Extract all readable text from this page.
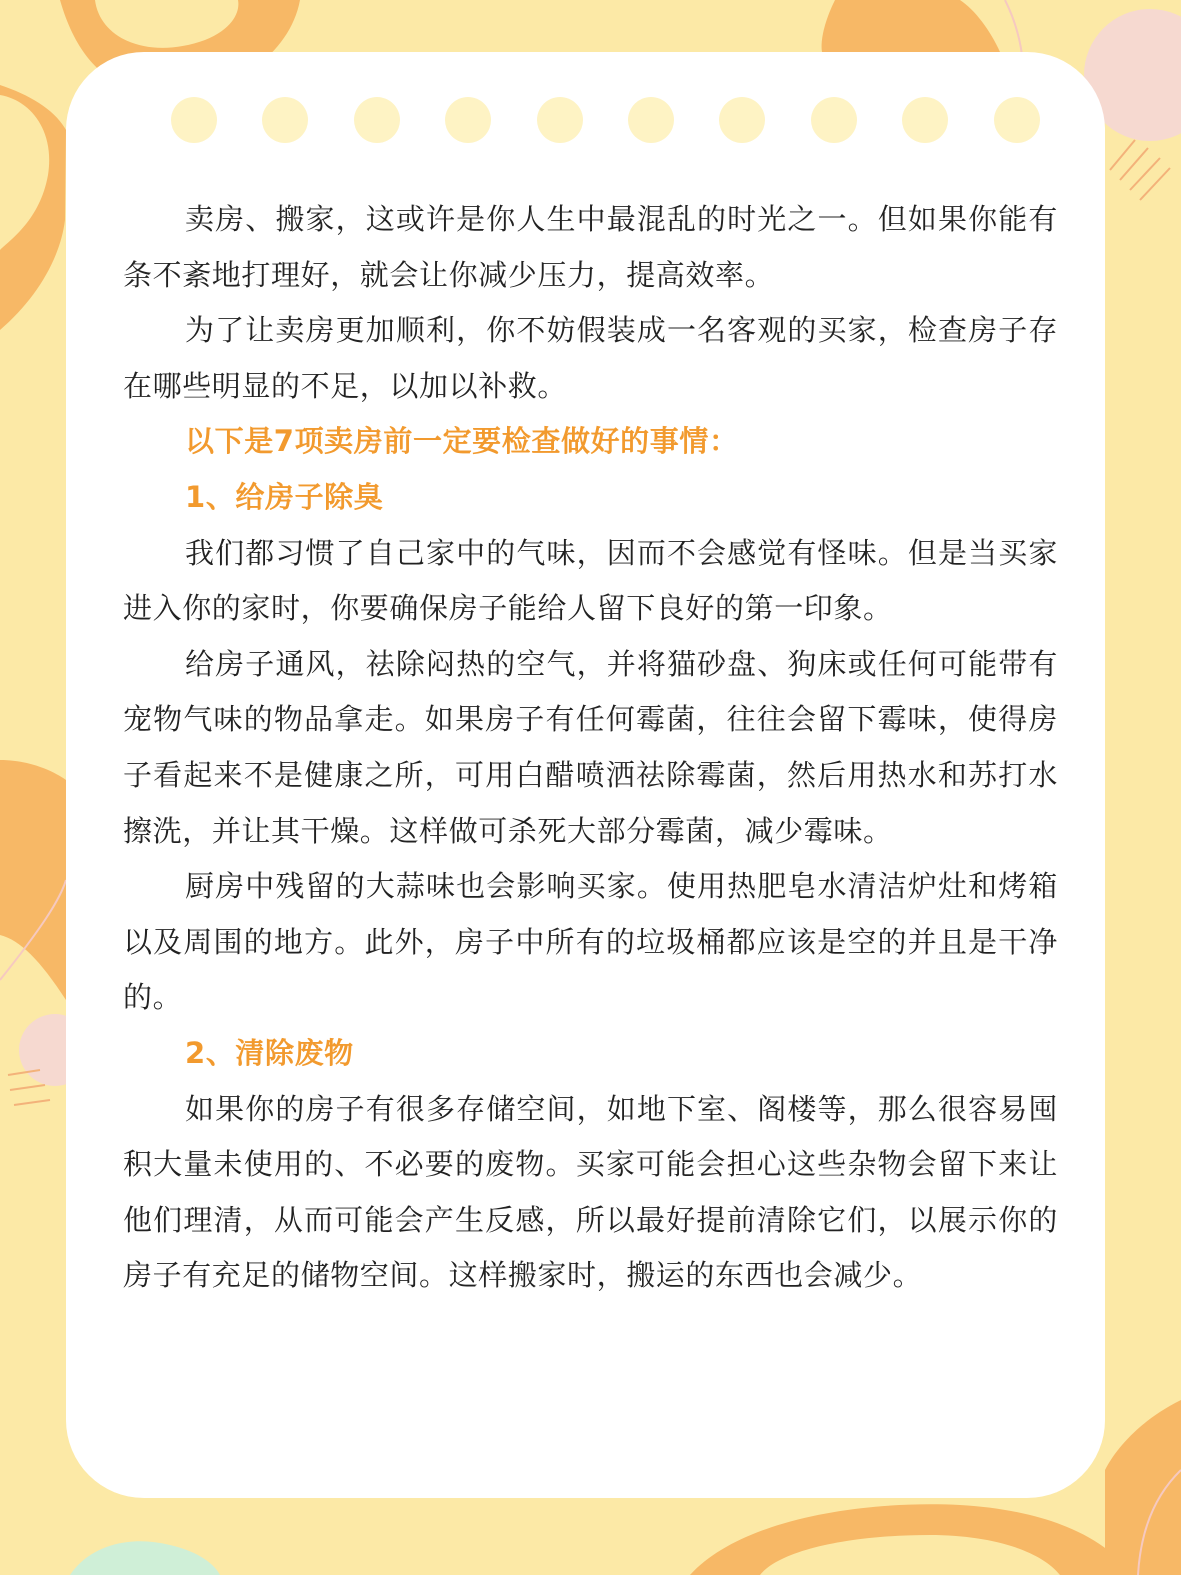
卖房、搬家，这或许是你人生中最混乱的时光之一。但如果你能有条不紊地打理好，就会让你减少压力，提高效率。

为了让卖房更加顺利，你不妨假装成一名客观的买家，检查房子存在哪些明显的不足，以加以补救。

以下是7项卖房前一定要检查做好的事情：

1、给房子除臭

我们都习惯了自己家中的气味，因而不会感觉有怪味。但是当买家进入你的家时，你要确保房子能给人留下良好的第一印象。

给房子通风，祛除闷热的空气，并将猫砂盘、狗床或任何可能带有宠物气味的物品拿走。如果房子有任何霉菌，往往会留下霉味，使得房子看起来不是健康之所，可用白醋喷洒祛除霉菌，然后用热水和苏打水擦洗，并让其干燥。这样做可杀死大部分霉菌，减少霉味。

厨房中残留的大蒜味也会影响买家。使用热肥皂水清洁炉灶和烤箱以及周围的地方。此外，房子中所有的垃圾桶都应该是空的并且是干净的。

2、清除废物

如果你的房子有很多存储空间，如地下室、阁楼等，那么很容易囤积大量未使用的、不必要的废物。买家可能会担心这些杂物会留下来让他们理清，从而可能会产生反感，所以最好提前清除它们，以展示你的房子有充足的储物空间。这样搬家时，搬运的东西也会减少。
